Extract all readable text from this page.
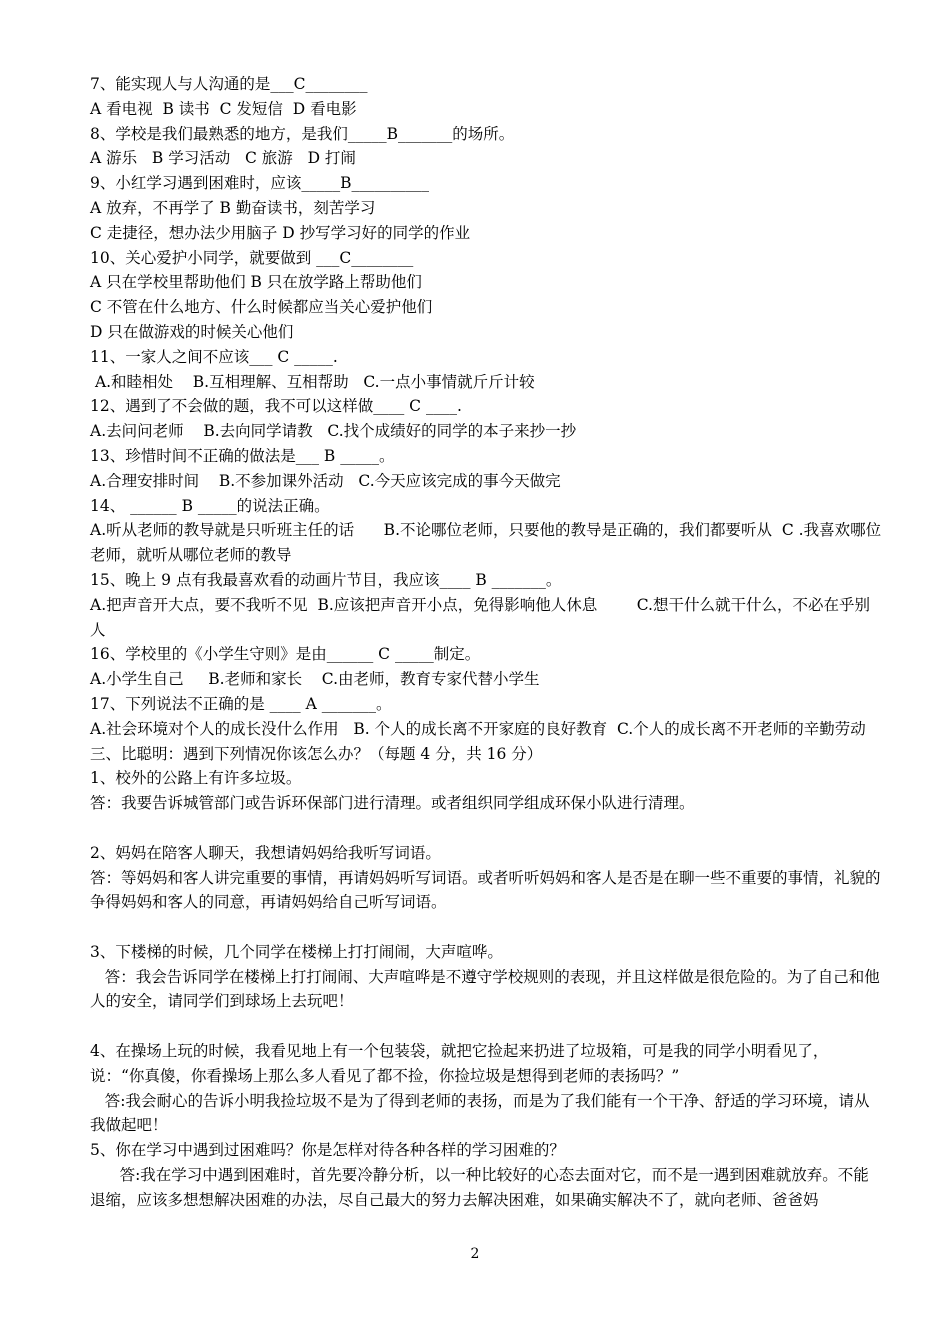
7、能实现人与人沟通的是___C________
A 看电视  B 读书  C 发短信  D 看电影
8、学校是我们最熟悉的地方，是我们_____B_______的场所。
A 游乐   B 学习活动   C 旅游   D 打闹
9、小红学习遇到困难时，应该_____B__________
A 放弃，不再学了 B 勤奋读书，刻苦学习
C 走捷径，想办法少用脑子 D 抄写学习好的同学的作业
10、关心爱护小同学，就要做到 ___C________
A 只在学校里帮助他们 B 只在放学路上帮助他们
C 不管在什么地方、什么时候都应当关心爱护他们
D 只在做游戏的时候关心他们
11、一家人之间不应该___ C _____.
A.和睦相处    B.互相理解、互相帮助   C.一点小事情就斤斤计较
12、遇到了不会做的题，我不可以这样做____ C ____.
A.去问问老师    B.去向同学请教   C.找个成绩好的同学的本子来抄一抄
13、珍惜时间不正确的做法是___ B _____。
A.合理安排时间    B.不参加课外活动   C.今天应该完成的事今天做完
14、 ______ B _____的说法正确。
A.听从老师的教导就是只听班主任的话      B.不论哪位老师，只要他的教导是正确的，我们都要听从  C .我喜欢哪位老师，就听从哪位老师的教导
15、晚上 9 点有我最喜欢看的动画片节目，我应该____ B _______。
A.把声音开大点，要不我听不见  B.应该把声音开小点，免得影响他人休息        C.想干什么就干什么，不必在乎别人
16、学校里的《小学生守则》是由______ C _____制定。
A.小学生自己     B.老师和家长    C.由老师，教育专家代替小学生
17、下列说法不正确的是 ____ A _______。
A.社会环境对个人的成长没什么作用   B. 个人的成长离不开家庭的良好教育  C.个人的成长离不开老师的辛勤劳动
三、比聪明：遇到下列情况你该怎么办？（每题 4 分，共 16 分）
1、校外的公路上有许多垃圾。
答：我要告诉城管部门或告诉环保部门进行清理。或者组织同学组成环保小队进行清理。
2、妈妈在陪客人聊天，我想请妈妈给我听写词语。
答：等妈妈和客人讲完重要的事情，再请妈妈听写词语。或者听听妈妈和客人是否是在聊一些不重要的事情，礼貌的争得妈妈和客人的同意，再请妈妈给自己听写词语。
3、下楼梯的时候，几个同学在楼梯上打打闹闹，大声喧哗。
答：我会告诉同学在楼梯上打打闹闹、大声喧哗是不遵守学校规则的表现，并且这样做是很危险的。为了自己和他人的安全，请同学们到球场上去玩吧！
4、在操场上玩的时候，我看见地上有一个包装袋，就把它捡起来扔进了垃圾箱，可是我的同学小明看见了，说：“你真傻，你看操场上那么多人看见了都不捡，你捡垃圾是想得到老师的表扬吗？”
答:我会耐心的告诉小明我捡垃圾不是为了得到老师的表扬，而是为了我们能有一个干净、舒适的学习环境，请从我做起吧！
5、你在学习中遇到过困难吗？你是怎样对待各种各样的学习困难的？
答:我在学习中遇到困难时，首先要冷静分析，以一种比较好的心态去面对它，而不是一遇到困难就放弃。不能退缩，应该多想想解决困难的办法，尽自己最大的努力去解决困难，如果确实解决不了，就向老师、爸爸妈
2
